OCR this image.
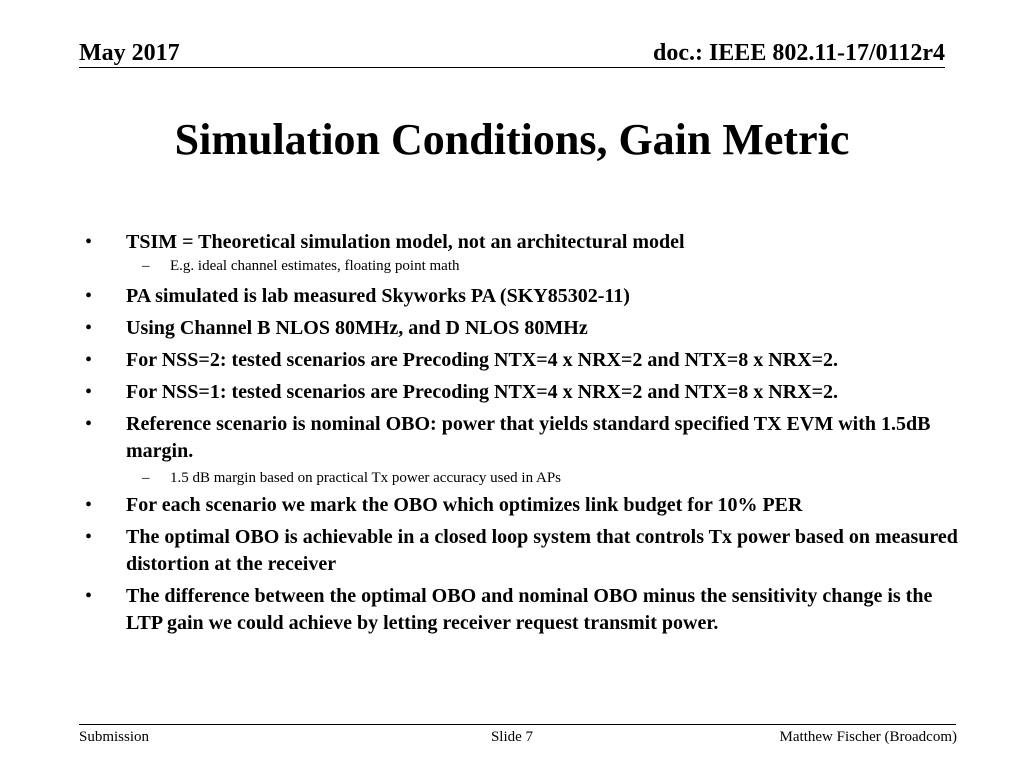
May 2017	doc.: IEEE 802.11-17/0112r4
Simulation Conditions, Gain Metric
• TSIM = Theoretical simulation model, not an architectural model
– E.g. ideal channel estimates, floating point math
• PA simulated is lab measured Skyworks PA (SKY85302-11)
• Using Channel B NLOS 80MHz, and D NLOS 80MHz
• For NSS=2: tested scenarios are Precoding NTX=4 x NRX=2 and NTX=8 x NRX=2.
• For NSS=1: tested scenarios are Precoding NTX=4 x NRX=2 and NTX=8 x NRX=2.
• Reference scenario is nominal OBO: power that yields standard specified TX EVM with 1.5dB margin.
– 1.5 dB margin based on practical Tx power accuracy used in APs
• For each scenario we mark the OBO which optimizes link budget for 10% PER
• The optimal OBO is achievable in a closed loop system that controls Tx power based on measured distortion at the receiver
• The difference between the optimal OBO and nominal OBO minus the sensitivity change is the LTP gain we could achieve by letting receiver request transmit power.
Submission	Slide 7	Matthew Fischer (Broadcom)
